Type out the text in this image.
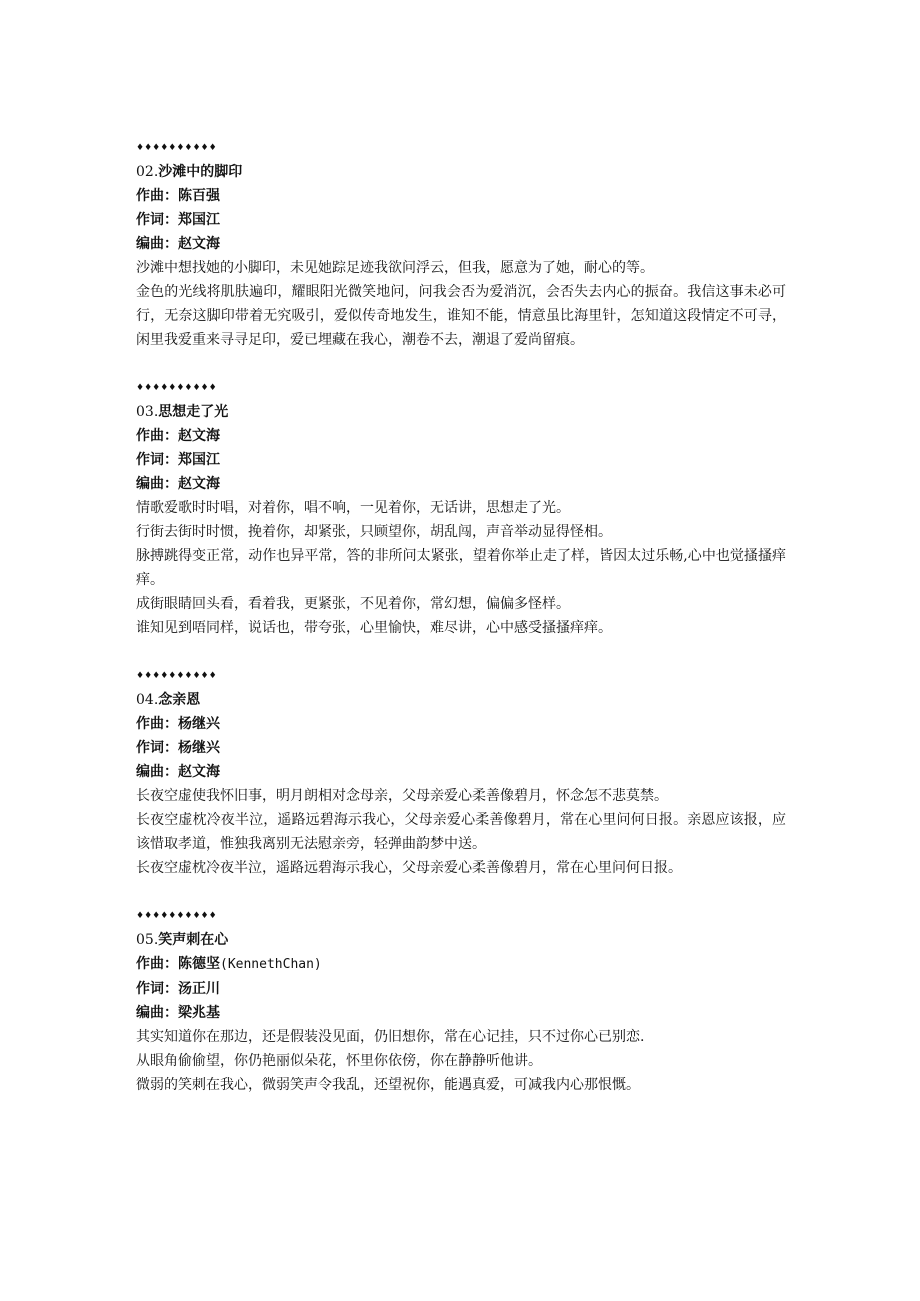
♦♦♦♦♦♦♦♦♦♦
02.沙滩中的脚印
作曲：陈百强
作词：郑国江
编曲：赵文海
沙滩中想找她的小脚印，未见她踪足迹我欲问浮云，但我，愿意为了她，耐心的等。
金色的光线将肌肤遍印，耀眼阳光微笑地问，问我会否为爱消沉，会否失去内心的振奋。我信这事未必可行，无奈这脚印带着无究吸引，爱似传奇地发生，谁知不能，情意虽比海里针，怎知道这段情定不可寻，闲里我爱重来寻寻足印，爱已埋藏在我心，潮卷不去，潮退了爱尚留痕。
♦♦♦♦♦♦♦♦♦♦
03.思想走了光
作曲：赵文海
作词：郑国江
编曲：赵文海
情歌爱歌时时唱，对着你，唱不响，一见着你，无话讲，思想走了光。
行街去街时时惯，挽着你，却紧张，只顾望你，胡乱闯，声音举动显得怪相。
脉搏跳得变正常，动作也异平常，答的非所问太紧张，望着你举止走了样，皆因太过乐畅,心中也觉搔搔痒痒。
成街眼睛回头看，看着我，更紧张，不见着你，常幻想，偏偏多怪样。
谁知见到唔同样，说话也，带夸张，心里愉快，难尽讲，心中感受搔搔痒痒。
♦♦♦♦♦♦♦♦♦♦
04.念亲恩
作曲：杨继兴
作词：杨继兴
编曲：赵文海
长夜空虚使我怀旧事，明月朗相对念母亲，父母亲爱心柔善像碧月，怀念怎不悲莫禁。
长夜空虚枕冷夜半泣，遥路远碧海示我心，父母亲爱心柔善像碧月，常在心里问何日报。亲恩应该报，应该惜取孝道，惟独我离别无法慰亲旁，轻弹曲韵梦中送。
长夜空虚枕冷夜半泣，遥路远碧海示我心，父母亲爱心柔善像碧月，常在心里问何日报。
♦♦♦♦♦♦♦♦♦♦
05.笑声刺在心
作曲：陈德坚(KennethChan)
作词：汤正川
编曲：梁兆基
其实知道你在那边，还是假装没见面，仍旧想你，常在心记挂，只不过你心已别恋.
从眼角偷偷望，你仍艳丽似朵花，怀里你依傍，你在静静听他讲。
微弱的笑刺在我心，微弱笑声令我乱，还望祝你，能遇真爱，可减我内心那恨慨。
